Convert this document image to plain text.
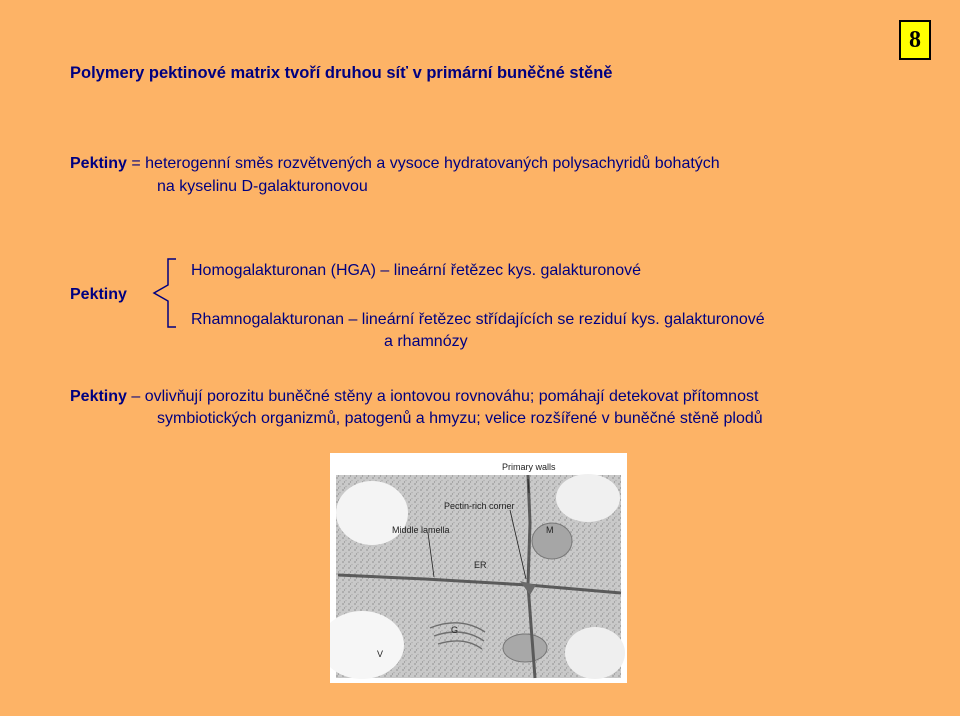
8
Polymery pektinové matrix tvoří druhou síť v primární buněčné stěně
Pektiny = heterogenní směs rozvětvených a vysoce hydratovaných polysachyridů bohatých
na kyselinu D-galakturonovou
Pektiny
Homogalakturonan (HGA) – lineární řetězec kys. galakturonové
Rhamnogalakturonan – lineární řetězec střídajících se reziduí kys. galakturonové
a rhamnózy
Pektiny – ovlivňují porozitu buněčné stěny a iontovou rovnováhu; pomáhají detekovat přítomnost
symbiotických organizmů, patogenů a hmyzu; velice rozšířené v buněčné stěně plodů
Primary walls
Pectin-rich corner
Middle lamella	M
ER
G
V
